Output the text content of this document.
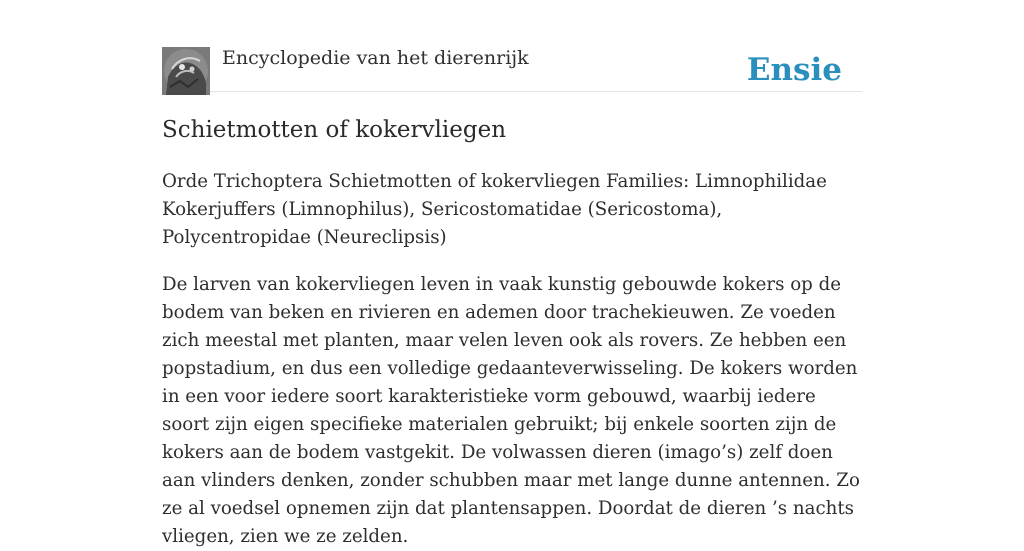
Encyclopedie van het dierenrijk	Ensie
Schietmotten of kokervliegen

Orde Trichoptera Schietmotten of kokervliegen Families: Limnophilidae Kokerjuffers (Limnophilus), Sericostomatidae (Sericostoma), Polycentropidae (Neureclipsis)

De larven van kokervliegen leven in vaak kunstig gebouwde kokers op de bodem van beken en rivieren en ademen door trachekieuwen. Ze voeden zich meestal met planten, maar velen leven ook als rovers. Ze hebben een popstadium, en dus een volledige gedaanteverwisseling. De kokers worden in een voor iedere soort karakteristieke vorm gebouwd, waarbij iedere soort zijn eigen specifieke materialen gebruikt; bij enkele soorten zijn de kokers aan de bodem vastgekit. De volwassen dieren (imago’s) zelf doen aan vlinders denken, zonder schubben maar met lange dunne antennen. Zo ze al voedsel opnemen zijn dat plantensappen. Doordat de dieren ’s nachts vliegen, zien we ze zelden.
